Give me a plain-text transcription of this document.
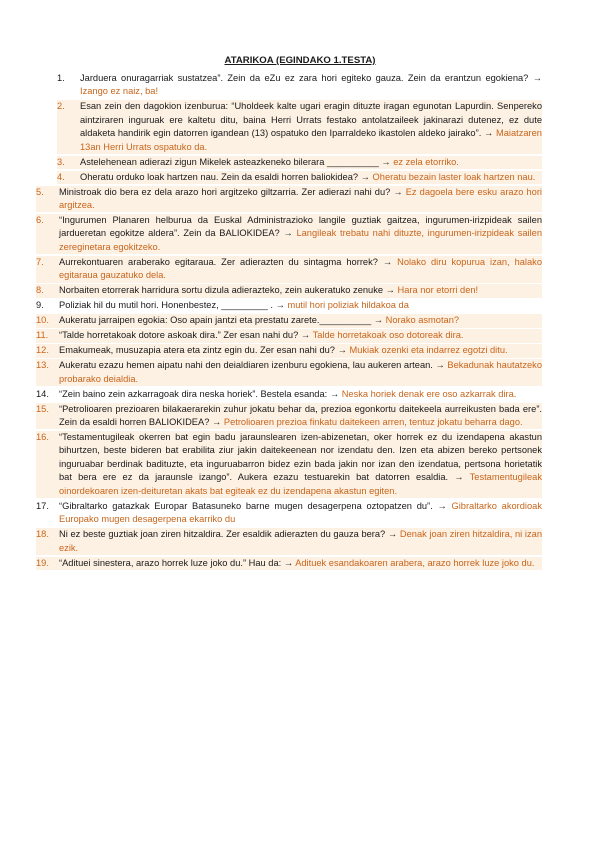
ATARIKOA (EGINDAKO 1.TESTA)
1.	Jarduera onuragarriak sustatzea”. Zein da eZu ez zara hori egiteko gauza. Zein da erantzun egokiena? → Izango ez naiz, ba!
2.	Esan zein den dagokion izenburua: “Uholdeek kalte ugari eragin dituzte iragan egunotan Lapurdin. Senpereko aintziraren inguruak ere kaltetu ditu, baina Herri Urrats festako antolatzaileek jakinarazi dutenez, ez dute aldaketa handirik egin datorren igandean (13) ospatuko den Iparraldeko ikastolen aldeko jairako”. → Maiatzaren 13an Herri Urrats ospatuko da.
3.	Astelehenean adierazi zigun Mikelek asteazkeneko bilerara __________ → ez zela etorriko.
4.	Oheratu orduko loak hartzen nau. Zein da esaldi horren baliokidea? → Oheratu bezain laster loak hartzen nau.
5.	Ministroak dio bera ez dela arazo hori argitzeko giltzarria. Zer adierazi nahi du? → Ez dagoela bere esku arazo hori argitzea.
6.	“Ingurumen Planaren helburua da Euskal Administrazioko langile guztiak gaitzea, ingurumen-irizpideak sailen jardueretan egokitze aldera”. Zein da BALIOKIDEA? → Langileak trebatu nahi dituzte, ingurumen-irizpideak sailen zereginetara egokitzeko.
7.	Aurrekontuaren araberako egitaraua. Zer adierazten du sintagma horrek? → Nolako diru kopurua izan, halako egitaraua gauzatuko dela.
8.	Norbaiten etorrerak harridura sortu dizula adierazteko, zein aukeratuko zenuke → Hara nor etorri den!
9.	Poliziak hil du mutil hori. Honenbestez, _________ . → mutil hori poliziak hildakoa da
10.	Aukeratu jarraipen egokia: Oso apain jantzi eta prestatu zarete.__________ → Norako asmotan?
11.	“Talde horretakoak dotore askoak dira.” Zer esan nahi du? → Talde horretakoak oso dotoreak dira.
12.	Emakumeak, musuzapia atera eta zintz egin du. Zer esan nahi du? → Mukiak ozenki eta indarrez egotzi ditu.
13.	Aukeratu ezazu hemen aipatu nahi den deialdiaren izenburu egokiena, lau aukeren artean. → Bekadunak hautatzeko probarako deialdia.
14.	“Zein baino zein azkarragoak dira neska horiek”. Bestela esanda: → Neska horiek denak ere oso azkarrak dira.
15.	“Petrolioaren prezioaren bilakaerarekin zuhur jokatu behar da, prezioa egonkortu daitekeela aurreikusten bada ere”. Zein da esaldi horren BALIOKIDEA? → Petrolioaren prezioa finkatu daitekeen arren, tentuz jokatu beharra dago.
16.	“Testamentugileak okerren bat egin badu jaraunslearen izen-abizenetan, oker horrek ez du izendapena akastun bihurtzen, beste bideren bat erabilita ziur jakin daitekeenean nor izendatu den. Izen eta abizen bereko pertsonek inguruabar berdinak badituzte, eta inguruabarron bidez ezin bada jakin nor izan den izendatua, pertsona horietatik bat bera ere ez da jaraunsle izango”. Aukera ezazu testuarekin bat datorren esaldia. → Testamentugileak oinordekoaren izen-deituretan akats bat egiteak ez du izendapena akastun egiten.
17.	“Gibraltarko gatazkak Europar Batasuneko barne mugen desagerpena oztopatzen du”. → Gibraltarko akordioak Europako mugen desagerpena ekarriko du
18.	Ni ez beste guztiak joan ziren hitzaldira. Zer esaldik adierazten du gauza bera? → Denak joan ziren hitzaldira, ni izan ezik.
19.	“Adituei sinestera, arazo horrek luze joko du.” Hau da: → Adituek esandakoaren arabera, arazo horrek luze joko du.
